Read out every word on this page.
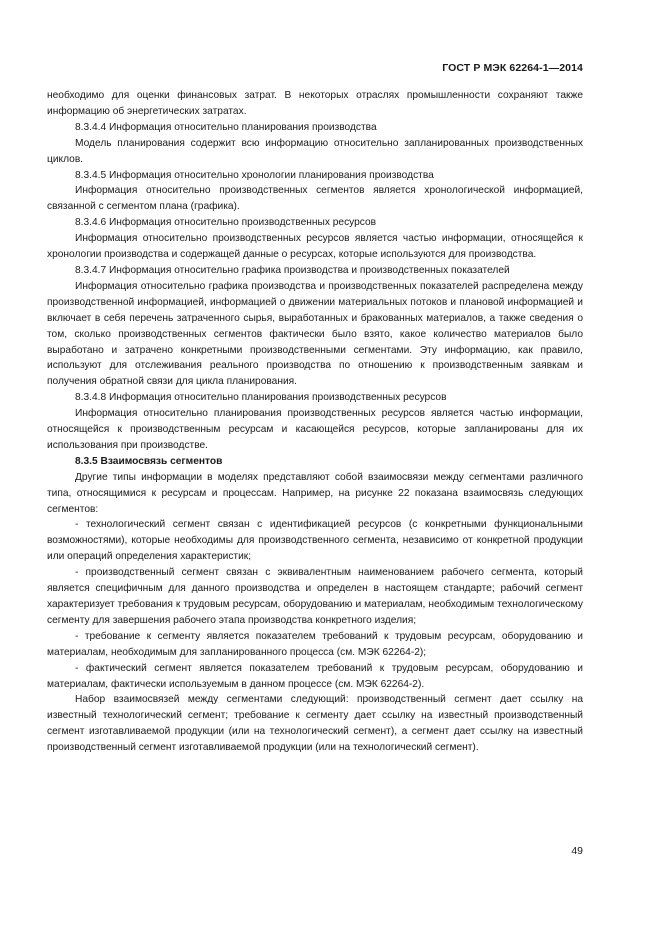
ГОСТ Р МЭК 62264-1—2014

необходимо для оценки финансовых затрат. В некоторых отраслях промышленности сохраняют также информацию об энергетических затратах.

8.3.4.4 Информация относительно планирования производства

Модель планирования содержит всю информацию относительно запланированных производственных циклов.

8.3.4.5 Информация относительно хронологии планирования производства

Информация относительно производственных сегментов является хронологической информацией, связанной с сегментом плана (графика).

8.3.4.6 Информация относительно производственных ресурсов

Информация относительно производственных ресурсов является частью информации, относящейся к хронологии производства и содержащей данные о ресурсах, которые используются для производства.

8.3.4.7 Информация относительно графика производства и производственных показателей

Информация относительно графика производства и производственных показателей распределена между производственной информацией, информацией о движении материальных потоков и плановой информацией и включает в себя перечень затраченного сырья, выработанных и бракованных материалов, а также сведения о том, сколько производственных сегментов фактически было взято, какое количество материалов было выработано и затрачено конкретными производственными сегментами. Эту информацию, как правило, используют для отслеживания реального производства по отношению к производственным заявкам и получения обратной связи для цикла планирования.

8.3.4.8 Информация относительно планирования производственных ресурсов

Информация относительно планирования производственных ресурсов является частью информации, относящейся к производственным ресурсам и касающейся ресурсов, которые запланированы для их использования при производстве.

8.3.5 Взаимосвязь сегментов

Другие типы информации в моделях представляют собой взаимосвязи между сегментами различного типа, относящимися к ресурсам и процессам. Например, на рисунке 22 показана взаимосвязь следующих сегментов:

- технологический сегмент связан с идентификацией ресурсов (с конкретными функциональными возможностями), которые необходимы для производственного сегмента, независимо от конкретной продукции или операций определения характеристик;

- производственный сегмент связан с эквивалентным наименованием рабочего сегмента, который является специфичным для данного производства и определен в настоящем стандарте; рабочий сегмент характеризует требования к трудовым ресурсам, оборудованию и материалам, необходимым технологическому сегменту для завершения рабочего этапа производства конкретного изделия;

- требование к сегменту является показателем требований к трудовым ресурсам, оборудованию и материалам, необходимым для запланированного процесса (см. МЭК 62264-2);

- фактический сегмент является показателем требований к трудовым ресурсам, оборудованию и материалам, фактически используемым в данном процессе (см. МЭК 62264-2).

Набор взаимосвязей между сегментами следующий: производственный сегмент дает ссылку на известный технологический сегмент; требование к сегменту дает ссылку на известный производственный сегмент изготавливаемой продукции (или на технологический сегмент), а сегмент дает ссылку на известный производственный сегмент изготавливаемой продукции (или на технологический сегмент).

49
